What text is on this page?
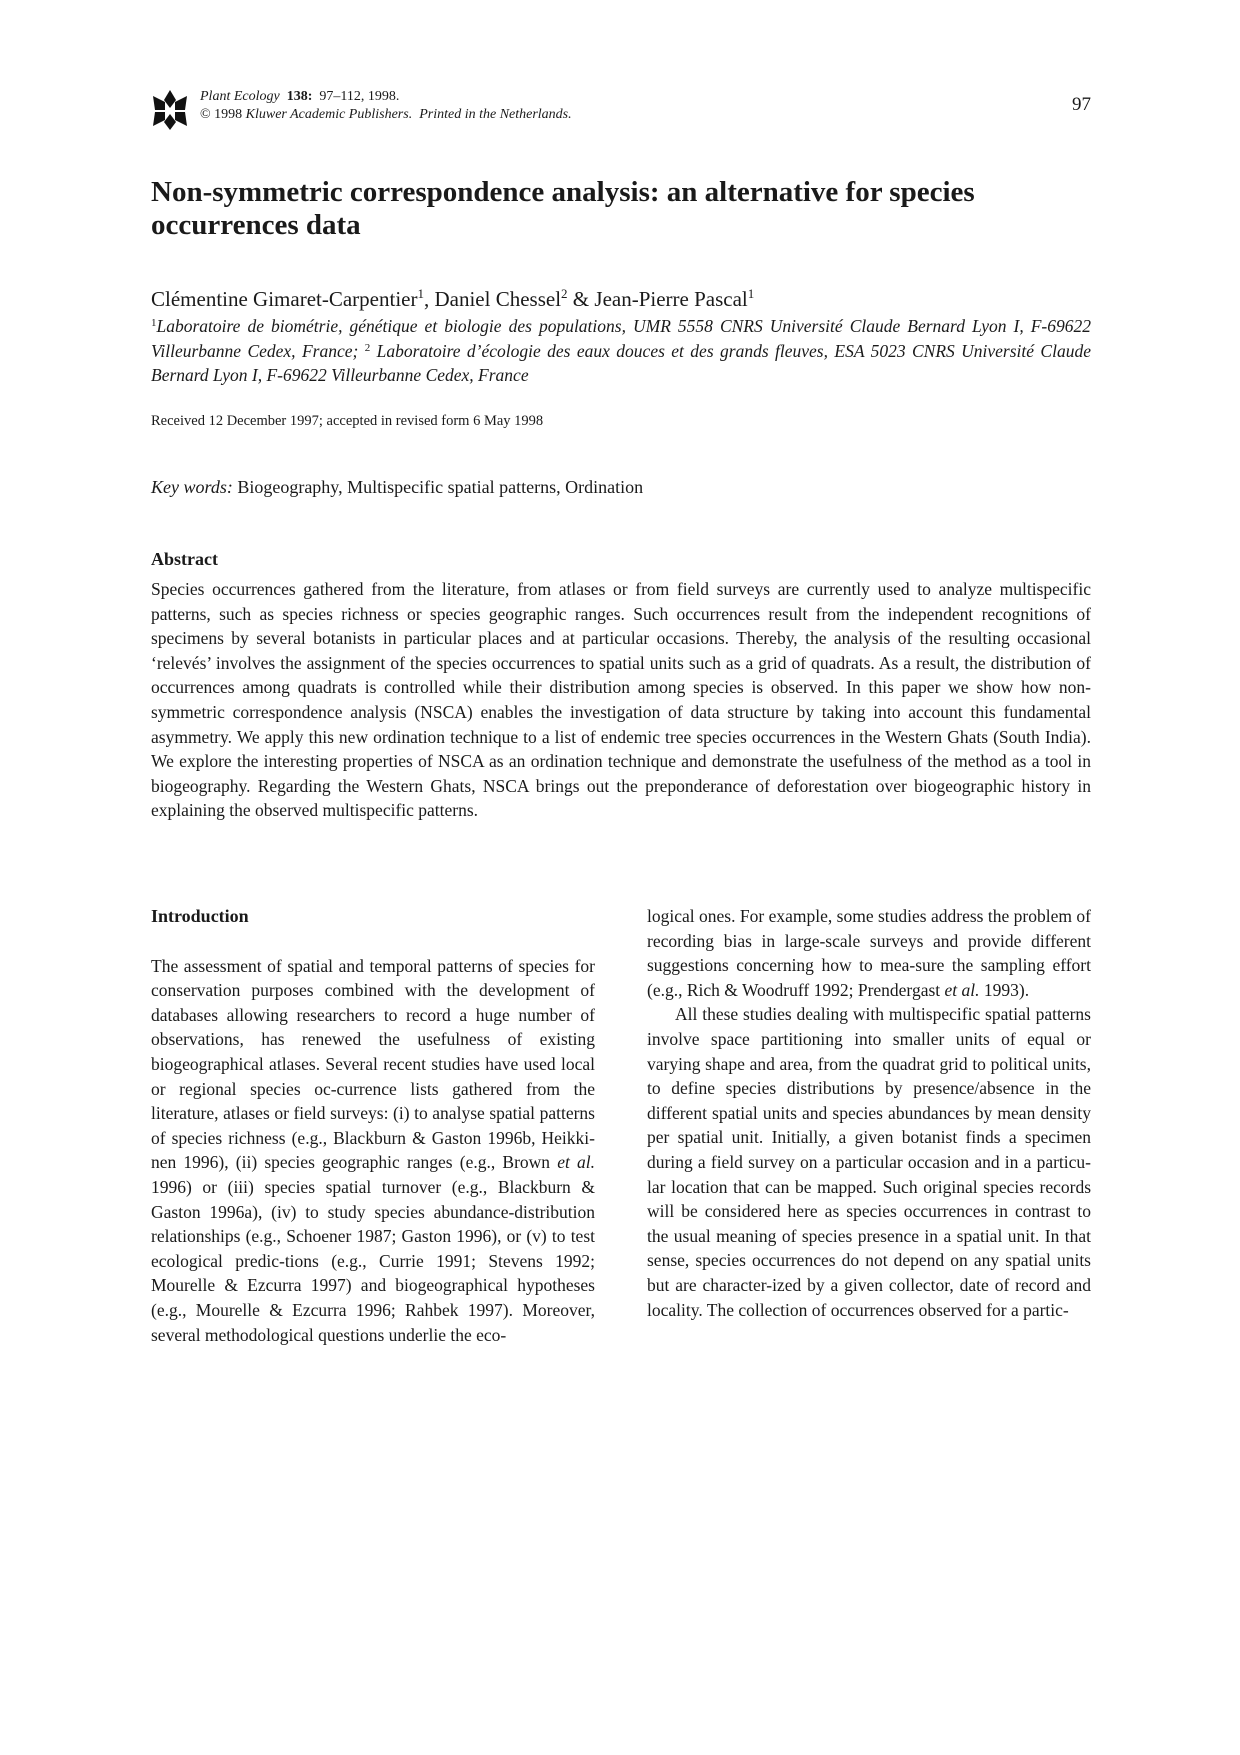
Plant Ecology 138: 97–112, 1998.
© 1998 Kluwer Academic Publishers. Printed in the Netherlands.	97
Non-symmetric correspondence analysis: an alternative for species occurrences data
Clémentine Gimaret-Carpentier$^1$, Daniel Chessel$^2$ & Jean-Pierre Pascal$^1$
$^1$Laboratoire de biométrie, génétique et biologie des populations, UMR 5558 CNRS Université Claude Bernard Lyon I, F-69622 Villeurbanne Cedex, France; $^2$ Laboratoire d’écologie des eaux douces et des grands fleuves, ESA 5023 CNRS Université Claude Bernard Lyon I, F-69622 Villeurbanne Cedex, France
Received 12 December 1997; accepted in revised form 6 May 1998
Key words: Biogeography, Multispecific spatial patterns, Ordination
Abstract

Species occurrences gathered from the literature, from atlases or from field surveys are currently used to analyze multispecific patterns, such as species richness or species geographic ranges. Such occurrences result from the independent recognitions of specimens by several botanists in particular places and at particular occasions. Thereby, the analysis of the resulting occasional ‘relevés’ involves the assignment of the species occurrences to spatial units such as a grid of quadrats. As a result, the distribution of occurrences among quadrats is controlled while their distribution among species is observed. In this paper we show how non-symmetric correspondence analysis (NSCA) enables the investigation of data structure by taking into account this fundamental asymmetry. We apply this new ordination technique to a list of endemic tree species occurrences in the Western Ghats (South India). We explore the interesting properties of NSCA as an ordination technique and demonstrate the usefulness of the method as a tool in biogeography. Regarding the Western Ghats, NSCA brings out the preponderance of deforestation over biogeographic history in explaining the observed multispecific patterns.

Introduction

The assessment of spatial and temporal patterns of species for conservation purposes combined with the development of databases allowing researchers to record a huge number of observations, has renewed the usefulness of existing biogeographical atlases. Several recent studies have used local or regional species oc-currence lists gathered from the literature, atlases or field surveys: (i) to analyse spatial patterns of species richness (e.g., Blackburn & Gaston 1996b, Heikki-nen 1996), (ii) species geographic ranges (e.g., Brown et al. 1996) or (iii) species spatial turnover (e.g., Blackburn & Gaston 1996a), (iv) to study species abundance-distribution relationships (e.g., Schoener 1987; Gaston 1996), or (v) to test ecological predic-tions (e.g., Currie 1991; Stevens 1992; Mourelle & Ezcurra 1997) and biogeographical hypotheses (e.g., Mourelle & Ezcurra 1996; Rahbek 1997). Moreover, several methodological questions underlie the eco-

logical ones. For example, some studies address the problem of recording bias in large-scale surveys and provide different suggestions concerning how to mea-sure the sampling effort (e.g., Rich & Woodruff 1992; Prendergast et al. 1993).

All these studies dealing with multispecific spatial patterns involve space partitioning into smaller units of equal or varying shape and area, from the quadrat grid to political units, to define species distributions by presence/absence in the different spatial units and species abundances by mean density per spatial unit. Initially, a given botanist finds a specimen during a field survey on a particular occasion and in a particu-lar location that can be mapped. Such original species records will be considered here as species occurrences in contrast to the usual meaning of species presence in a spatial unit. In that sense, species occurrences do not depend on any spatial units but are character-ized by a given collector, date of record and locality. The collection of occurrences observed for a partic-
